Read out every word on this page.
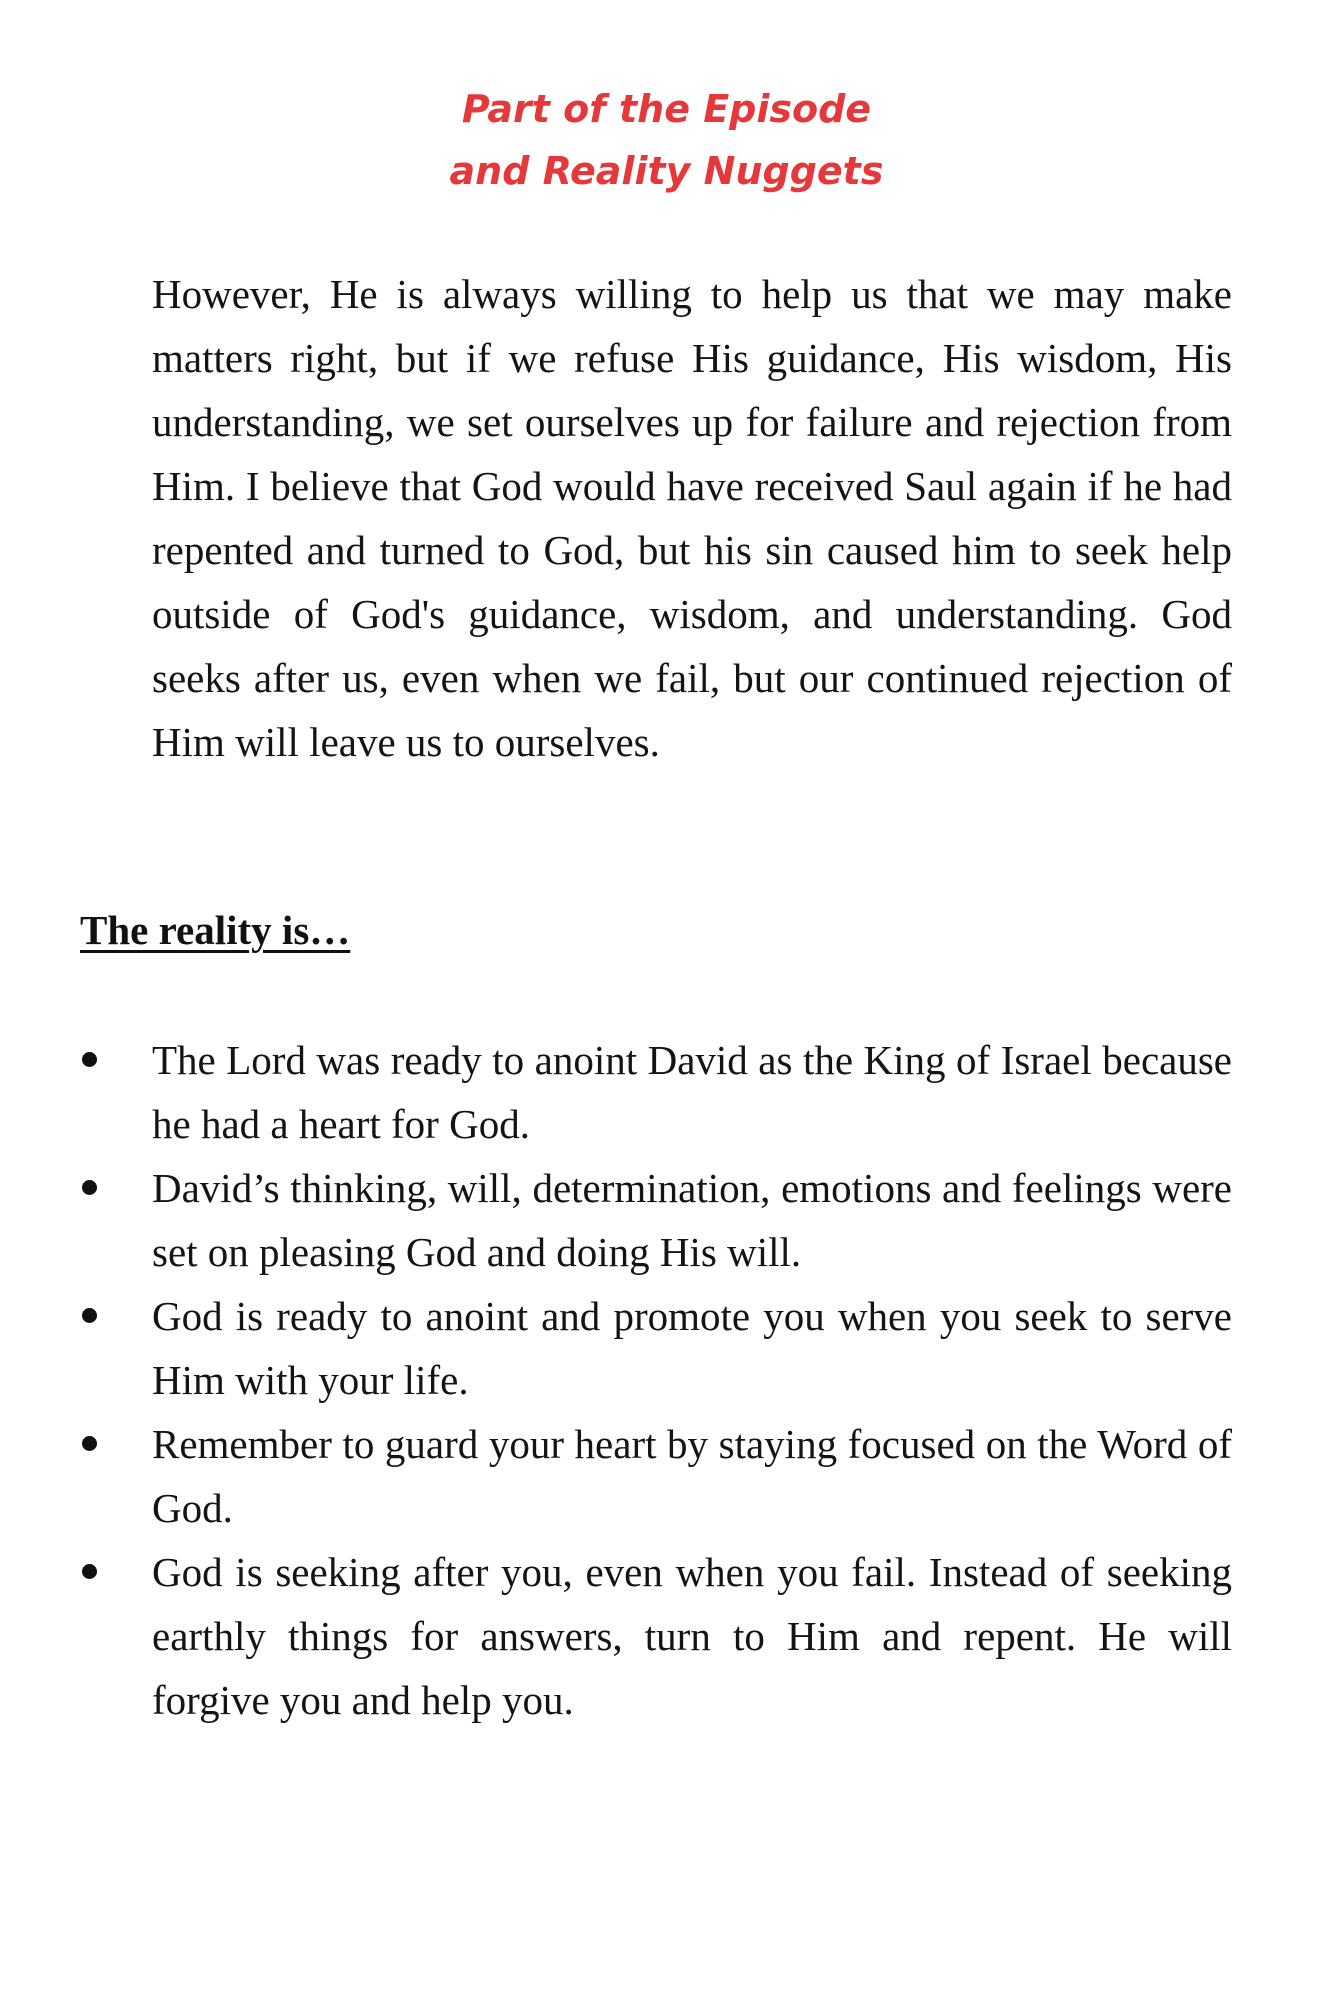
Part of the Episode
and Reality Nuggets

However, He is always willing to help us that we may make matters right, but if we refuse His guidance, His wisdom, His understanding, we set ourselves up for failure and rejection from Him. I believe that God would have received Saul again if he had repented and turned to God, but his sin caused him to seek help outside of God's guidance, wisdom, and understanding. God seeks after us, even when we fail, but our continued rejection of Him will leave us to ourselves.

The reality is…
The Lord was ready to anoint David as the King of Israel because he had a heart for God.
David’s thinking, will, determination, emotions and feelings were set on pleasing God and doing His will.
God is ready to anoint and promote you when you seek to serve Him with your life.
Remember to guard your heart by staying focused on the Word of God.
God is seeking after you, even when you fail. Instead of seeking earthly things for answers, turn to Him and repent. He will forgive you and help you.
